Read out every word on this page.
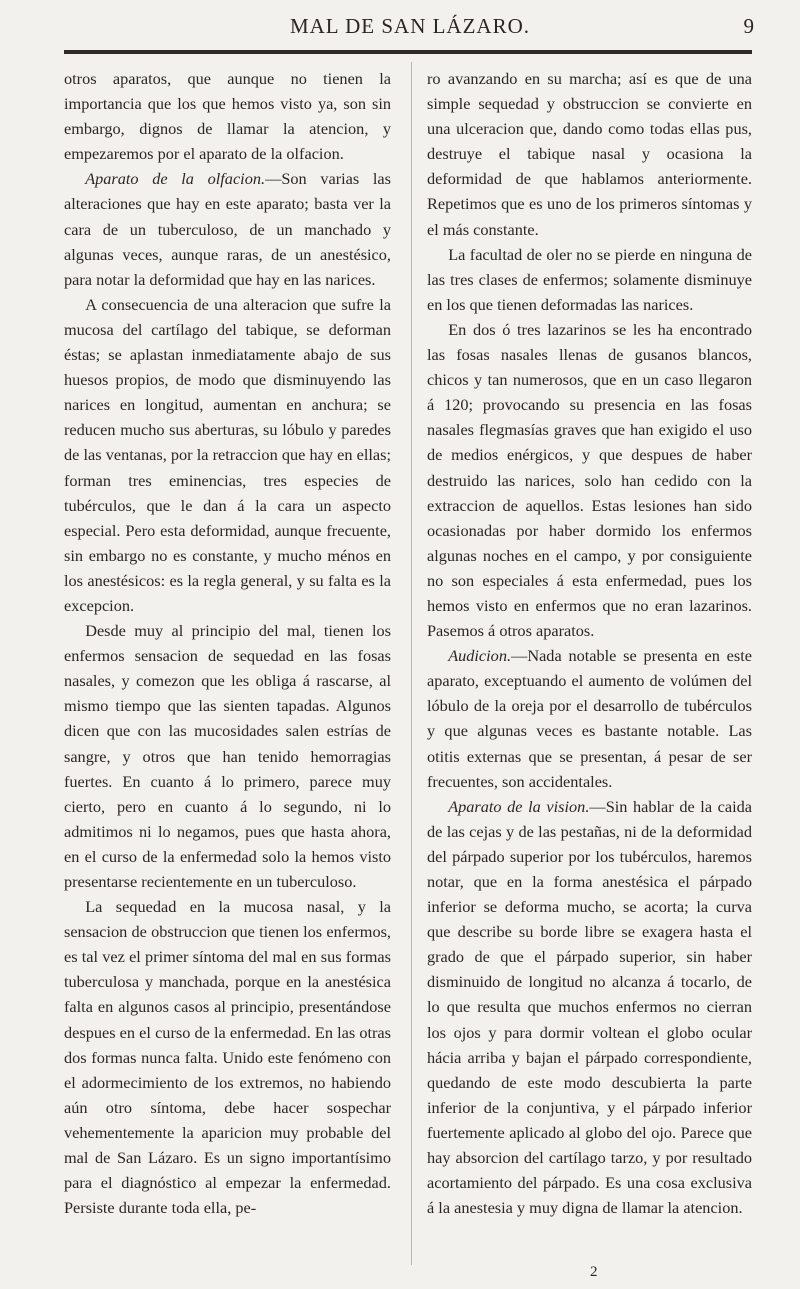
MAL DE SAN LÁZARO.	9

otros aparatos, que aunque no tienen la importancia que los que hemos visto ya, son sin embargo, dignos de llamar la atencion, y empezaremos por el aparato de la olfacion.

Aparato de la olfacion.—Son varias las alteraciones que hay en este aparato; basta ver la cara de un tuberculoso, de un manchado y algunas veces, aunque raras, de un anestésico, para notar la deformidad que hay en las narices.

A consecuencia de una alteracion que sufre la mucosa del cartílago del tabique, se deforman éstas; se aplastan inmediatamente abajo de sus huesos propios, de modo que disminuyendo las narices en longitud, aumentan en anchura; se reducen mucho sus aberturas, su lóbulo y paredes de las ventanas, por la retraccion que hay en ellas; forman tres eminencias, tres especies de tubérculos, que le dan á la cara un aspecto especial. Pero esta deformidad, aunque frecuente, sin embargo no es constante, y mucho ménos en los anestésicos: es la regla general, y su falta es la excepcion.

Desde muy al principio del mal, tienen los enfermos sensacion de sequedad en las fosas nasales, y comezon que les obliga á rascarse, al mismo tiempo que las sienten tapadas. Algunos dicen que con las mucosidades salen estrías de sangre, y otros que han tenido hemorragias fuertes. En cuanto á lo primero, parece muy cierto, pero en cuanto á lo segundo, ni lo admitimos ni lo negamos, pues que hasta ahora, en el curso de la enfermedad solo la hemos visto presentarse recientemente en un tuberculoso.

La sequedad en la mucosa nasal, y la sensacion de obstruccion que tienen los enfermos, es tal vez el primer síntoma del mal en sus formas tuberculosa y manchada, porque en la anestésica falta en algunos casos al principio, presentándose despues en el curso de la enfermedad. En las otras dos formas nunca falta. Unido este fenómeno con el adormecimiento de los extremos, no habiendo aún otro síntoma, debe hacer sospechar vehementemente la aparicion muy probable del mal de San Lázaro. Es un signo importantísimo para el diagnóstico al empezar la enfermedad. Persiste durante toda ella, pe-

ro avanzando en su marcha; así es que de una simple sequedad y obstruccion se convierte en una ulceracion que, dando como todas ellas pus, destruye el tabique nasal y ocasiona la deformidad de que hablamos anteriormente. Repetimos que es uno de los primeros síntomas y el más constante.

La facultad de oler no se pierde en ninguna de las tres clases de enfermos; solamente disminuye en los que tienen deformadas las narices.

En dos ó tres lazarinos se les ha encontrado las fosas nasales llenas de gusanos blancos, chicos y tan numerosos, que en un caso llegaron á 120; provocando su presencia en las fosas nasales flegmasías graves que han exigido el uso de medios enérgicos, y que despues de haber destruido las narices, solo han cedido con la extraccion de aquellos. Estas lesiones han sido ocasionadas por haber dormido los enfermos algunas noches en el campo, y por consiguiente no son especiales á esta enfermedad, pues los hemos visto en enfermos que no eran lazarinos. Pasemos á otros aparatos.

Audicion.—Nada notable se presenta en este aparato, exceptuando el aumento de volúmen del lóbulo de la oreja por el desarrollo de tubérculos y que algunas veces es bastante notable. Las otitis externas que se presentan, á pesar de ser frecuentes, son accidentales.

Aparato de la vision.—Sin hablar de la caida de las cejas y de las pestañas, ni de la deformidad del párpado superior por los tubérculos, haremos notar, que en la forma anestésica el párpado inferior se deforma mucho, se acorta; la curva que describe su borde libre se exagera hasta el grado de que el párpado superior, sin haber disminuido de longitud no alcanza á tocarlo, de lo que resulta que muchos enfermos no cierran los ojos y para dormir voltean el globo ocular hácia arriba y bajan el párpado correspondiente, quedando de este modo descubierta la parte inferior de la conjuntiva, y el párpado inferior fuertemente aplicado al globo del ojo. Parece que hay absorcion del cartílago tarzo, y por resultado acortamiento del párpado. Es una cosa exclusiva á la anestesia y muy digna de llamar la atencion.

2
